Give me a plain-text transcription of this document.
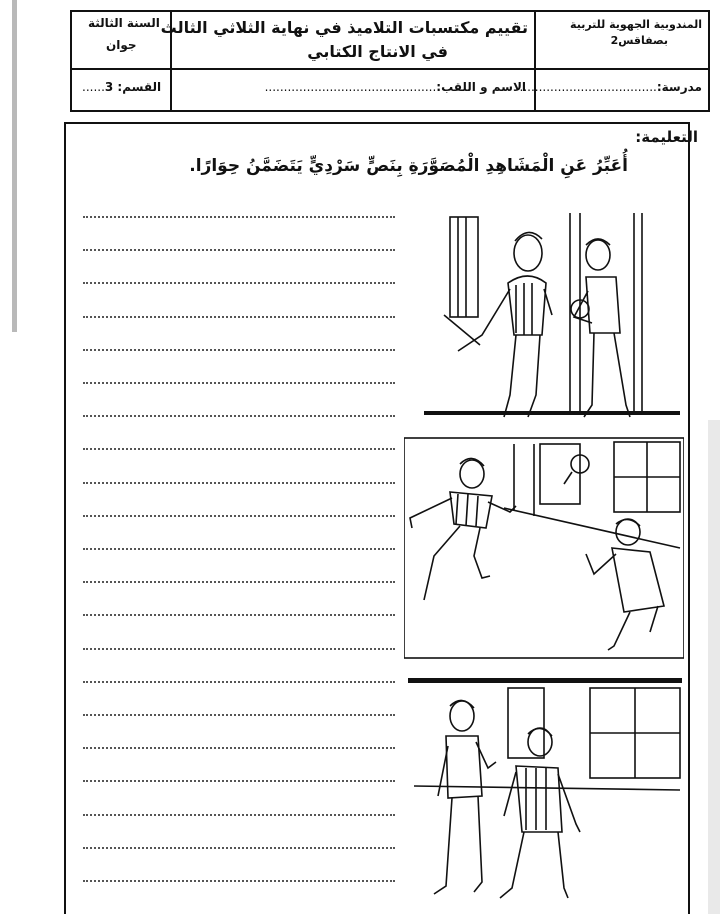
المندوبية الجهوية للتربية
بصفاقس2
تقييم مكتسبات التلاميذ في نهاية الثلاثي الثالث
في الانتاج الكتابي
السنة الثالثة
جوان
مدرسة:....................................
الاسم و اللقب:.............................................
القسم: 3......
التعليمة:
أُعَبِّرُ عَنِ الْمَشَاهِدِ الْمُصَوَّرَةِ بِنَصٍّ سَرْدِيٍّ يَتَضَمَّنُ حِوَارًا.
